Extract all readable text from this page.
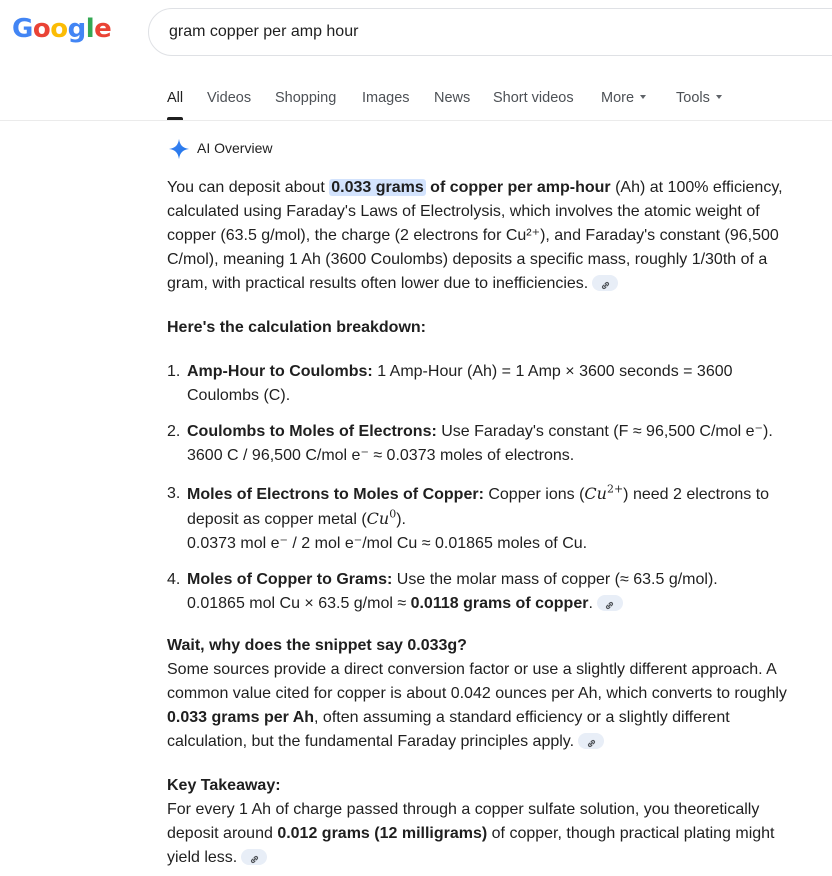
Google
gram copper per amp hour
All Videos Shopping Images News Short videos More	Tools
AI Overview

You can deposit about 0.033 grams of copper per amp-hour (Ah) at 100% efficiency, calculated using Faraday's Laws of Electrolysis, which involves the atomic weight of copper (63.5 g/mol), the charge (2 electrons for Cu²⁺), and Faraday's constant (96,500 C/mol), meaning 1 Ah (3600 Coulombs) deposits a specific mass, roughly 1/30th of a gram, with practical results often lower due to inefficiencies.

Here's the calculation breakdown:

1. Amp-Hour to Coulombs: 1 Amp-Hour (Ah) = 1 Amp × 3600 seconds = 3600 Coulombs (C).
2. Coulombs to Moles of Electrons: Use Faraday's constant (F ≈ 96,500 C/mol e⁻). 3600 C / 96,500 C/mol e⁻ ≈ 0.0373 moles of electrons.
3. Moles of Electrons to Moles of Copper: Copper ions $(Cu^{2+})$ need 2 electrons to deposit as copper metal (Cu$^0$).
0.0373 mol e⁻ / 2 mol e⁻/mol Cu ≈ 0.01865 moles of Cu.
4. Moles of Copper to Grams: Use the molar mass of copper (≈ 63.5 g/mol).
0.01865 mol Cu × 63.5 g/mol ≈ 0.0118 grams of copper.

Wait, why does the snippet say 0.033g?

Some sources provide a direct conversion factor or use a slightly different approach. A common value cited for copper is about 0.042 ounces per Ah, which converts to roughly 0.033 grams per Ah, often assuming a standard efficiency or a slightly different calculation, but the fundamental Faraday principles apply.

Key Takeaway:

For every 1 Ah of charge passed through a copper sulfate solution, you theoretically deposit around 0.012 grams (12 milligrams) of copper, though practical plating might yield less.
